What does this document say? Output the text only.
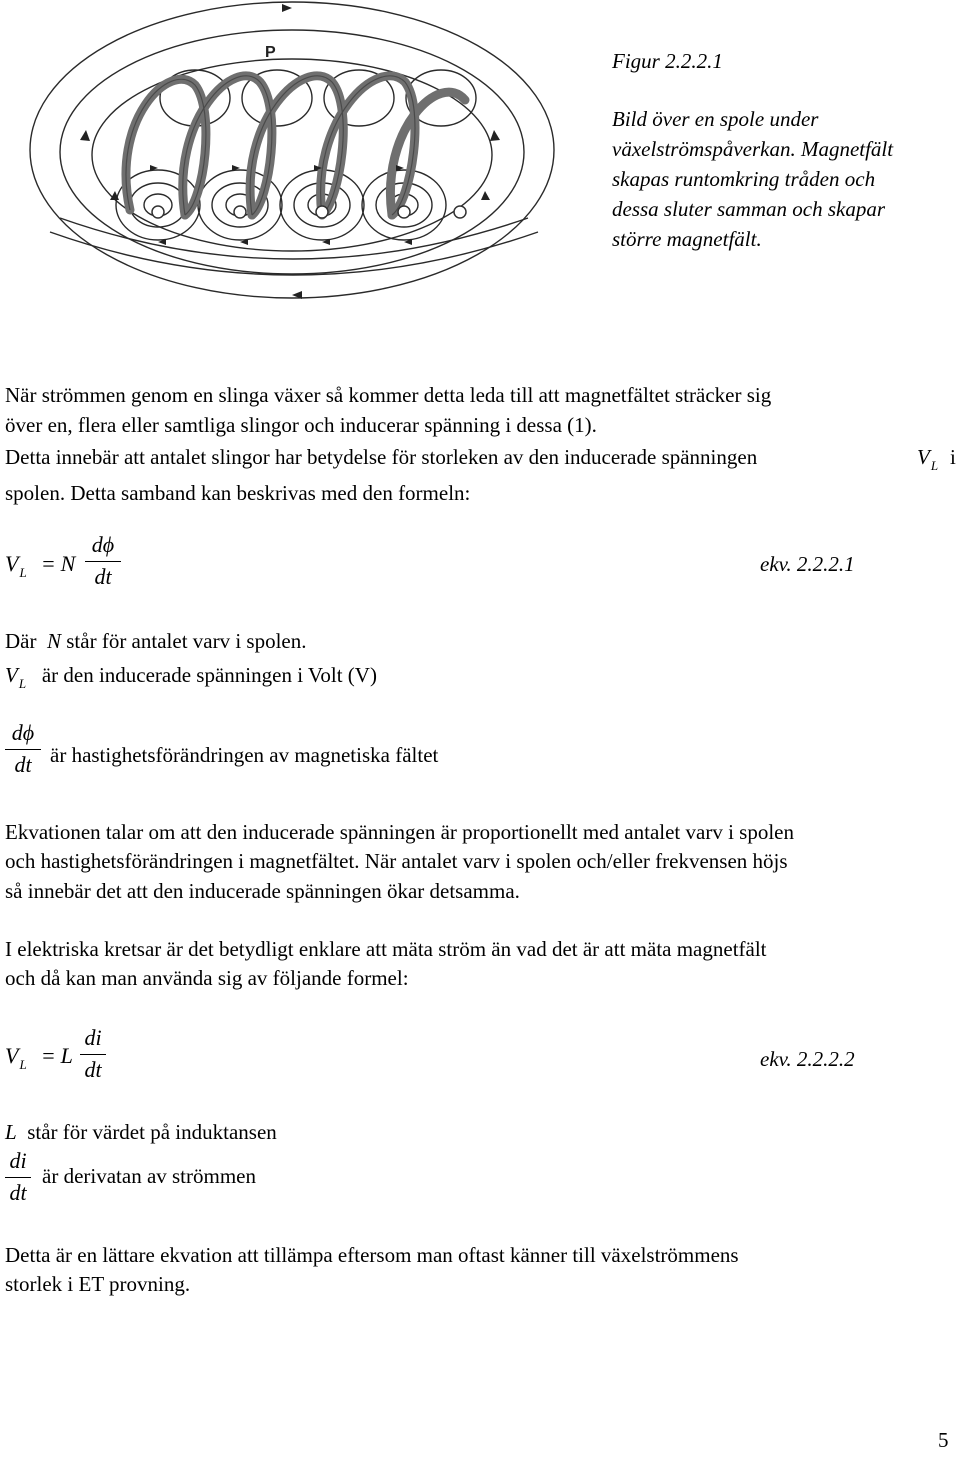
P	Figur 2.2.2.1
Bild över en spole under
växelströmspåverkan. Magnetfält
skapas runtomkring tråden och
dessa sluter samman och skapar
större magnetfält.
När strömmen genom en slinga växer så kommer detta leda till att magnetfältet sträcker sig
över en, flera eller samtliga slingor och inducerar spänning i dessa (1).
Detta innebär att antalet slingor har betydelse för storleken av den inducerade spänningen	$V_L$ i
spolen. Detta samband kan beskrivas med den formeln:
$V_L = N$
dϕ
dt	ekv. 2.2.2.1
Där N står för antalet varv i spolen.
$V_L$ är den inducerade spänningen i Volt (V)
dϕ
dt är hastighetsförändringen av magnetiska fältet
Ekvationen talar om att den inducerade spänningen är proportionellt med antalet varv i spolen
och hastighetsförändringen i magnetfältet. När antalet varv i spolen och/eller frekvensen höjs
så innebär det att den inducerade spänningen ökar detsamma.
I elektriska kretsar är det betydligt enklare att mäta ström än vad det är att mäta magnetfält
och då kan man använda sig av följande formel:
$V_L = L$
di
dt	ekv. 2.2.2.2
L står för värdet på induktansen
di
dt
är derivatan av strömmen
Detta är en lättare ekvation att tillämpa eftersom man oftast känner till växelströmmens
storlek i ET provning.
5
